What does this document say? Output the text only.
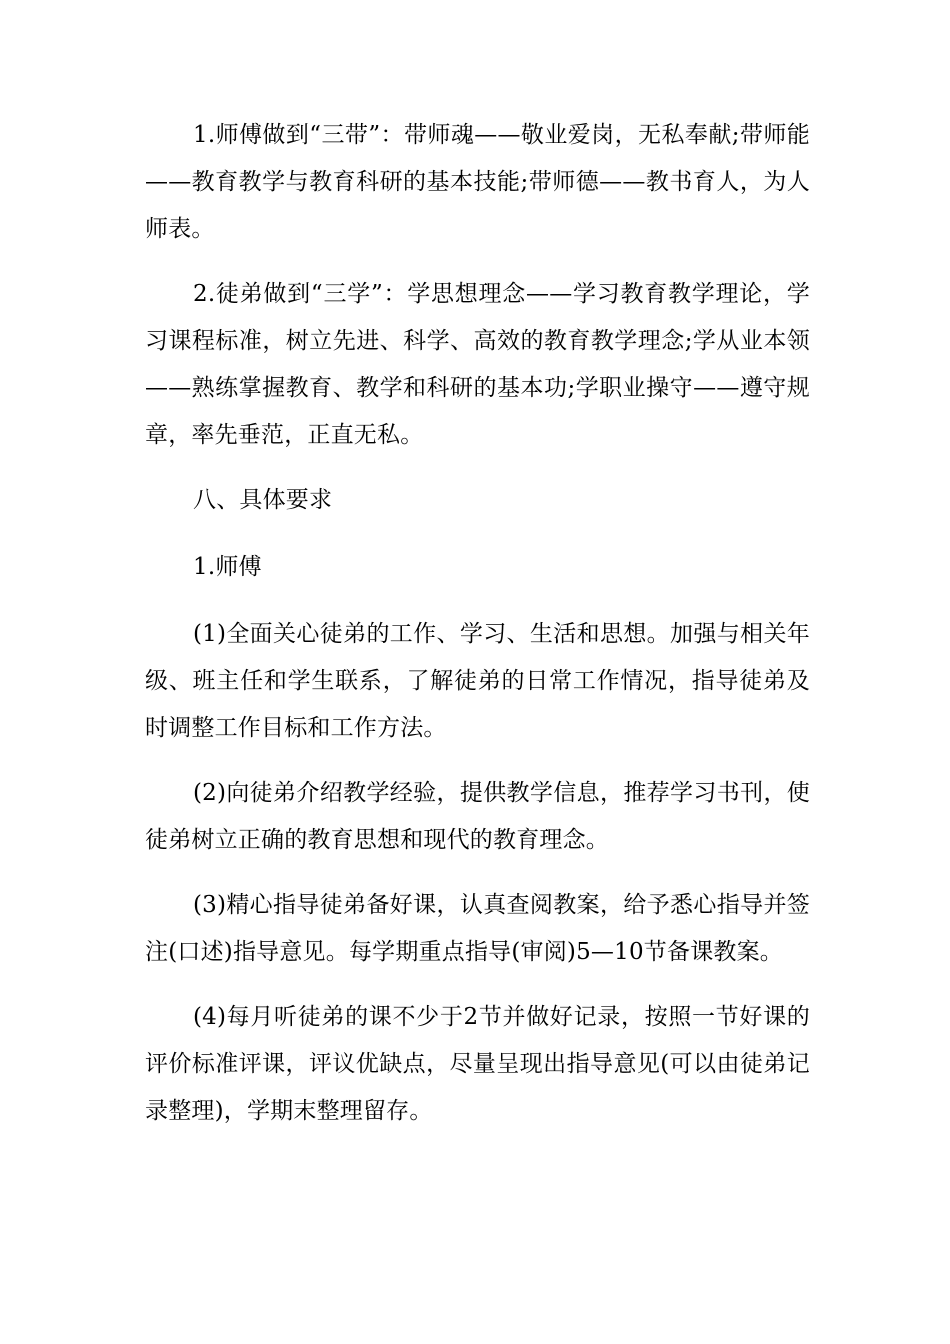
1.师傅做到“三带”：带师魂——敬业爱岗，无私奉献;带师能——教育教学与教育科研的基本技能;带师德——教书育人，为人师表。

2.徒弟做到“三学”：学思想理念——学习教育教学理论，学习课程标准，树立先进、科学、高效的教育教学理念;学从业本领——熟练掌握教育、教学和科研的基本功;学职业操守——遵守规章，率先垂范，正直无私。

八、具体要求

1.师傅

(1)全面关心徒弟的工作、学习、生活和思想。加强与相关年级、班主任和学生联系，了解徒弟的日常工作情况，指导徒弟及时调整工作目标和工作方法。

(2)向徒弟介绍教学经验，提供教学信息，推荐学习书刊，使徒弟树立正确的教育思想和现代的教育理念。

(3)精心指导徒弟备好课，认真查阅教案，给予悉心指导并签注(口述)指导意见。每学期重点指导(审阅)5—10节备课教案。

(4)每月听徒弟的课不少于2节并做好记录，按照一节好课的评价标准评课，评议优缺点，尽量呈现出指导意见(可以由徒弟记录整理)，学期末整理留存。
